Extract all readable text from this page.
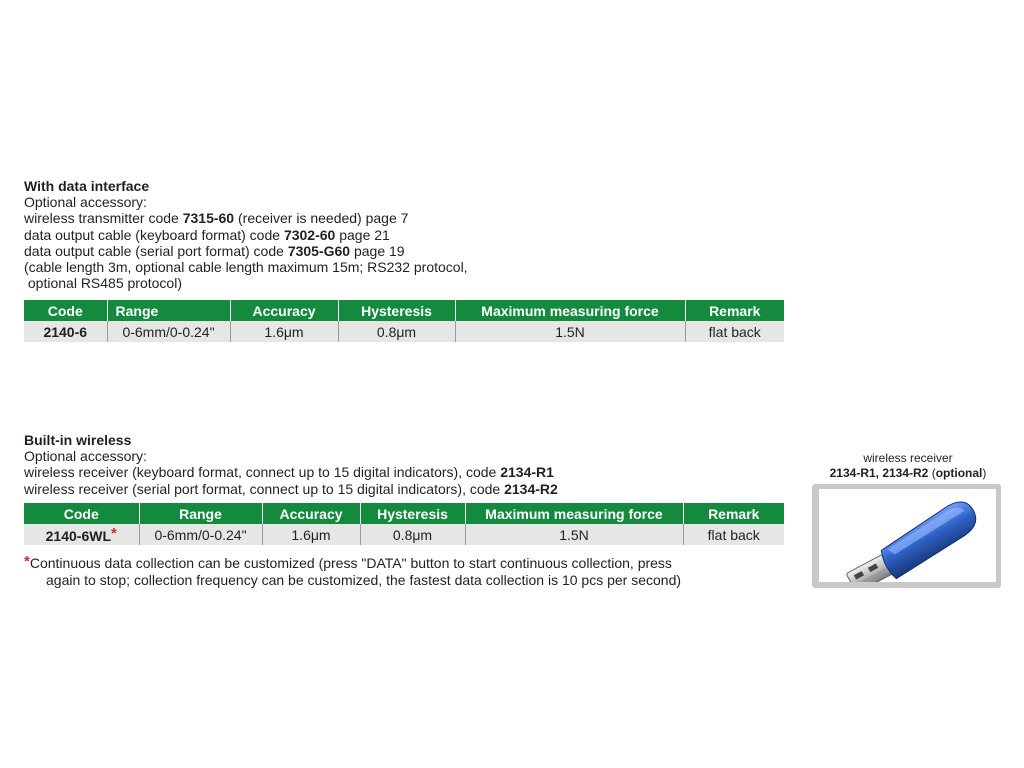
With data interface
Optional accessory:
wireless transmitter code 7315-60 (receiver is needed) page 7
data output cable (keyboard format) code 7302-60 page 21
data output cable (serial port format) code 7305-G60 page 19
(cable length 3m, optional cable length maximum 15m; RS232 protocol,
optional RS485 protocol)
Code	Range	Accuracy	Hysteresis	Maximum measuring force	Remark
2140-6	0-6mm/0-0.24"	1.6μm	0.8μm	1.5N	flat back
Built-in wireless
Optional accessory:
wireless receiver (keyboard format, connect up to 15 digital indicators), code 2134-R1
wireless receiver (serial port format, connect up to 15 digital indicators), code 2134-R2
Code	Range	Accuracy	Hysteresis	Maximum measuring force	Remark
2140-6WL*	0-6mm/0-0.24"	1.6μm	0.8μm	1.5N	flat back
*Continuous data collection can be customized (press "DATA" button to start continuous collection, press
again to stop; collection frequency can be customized, the fastest data collection is 10 pcs per second)
wireless receiver
2134-R1, 2134-R2 (optional)
